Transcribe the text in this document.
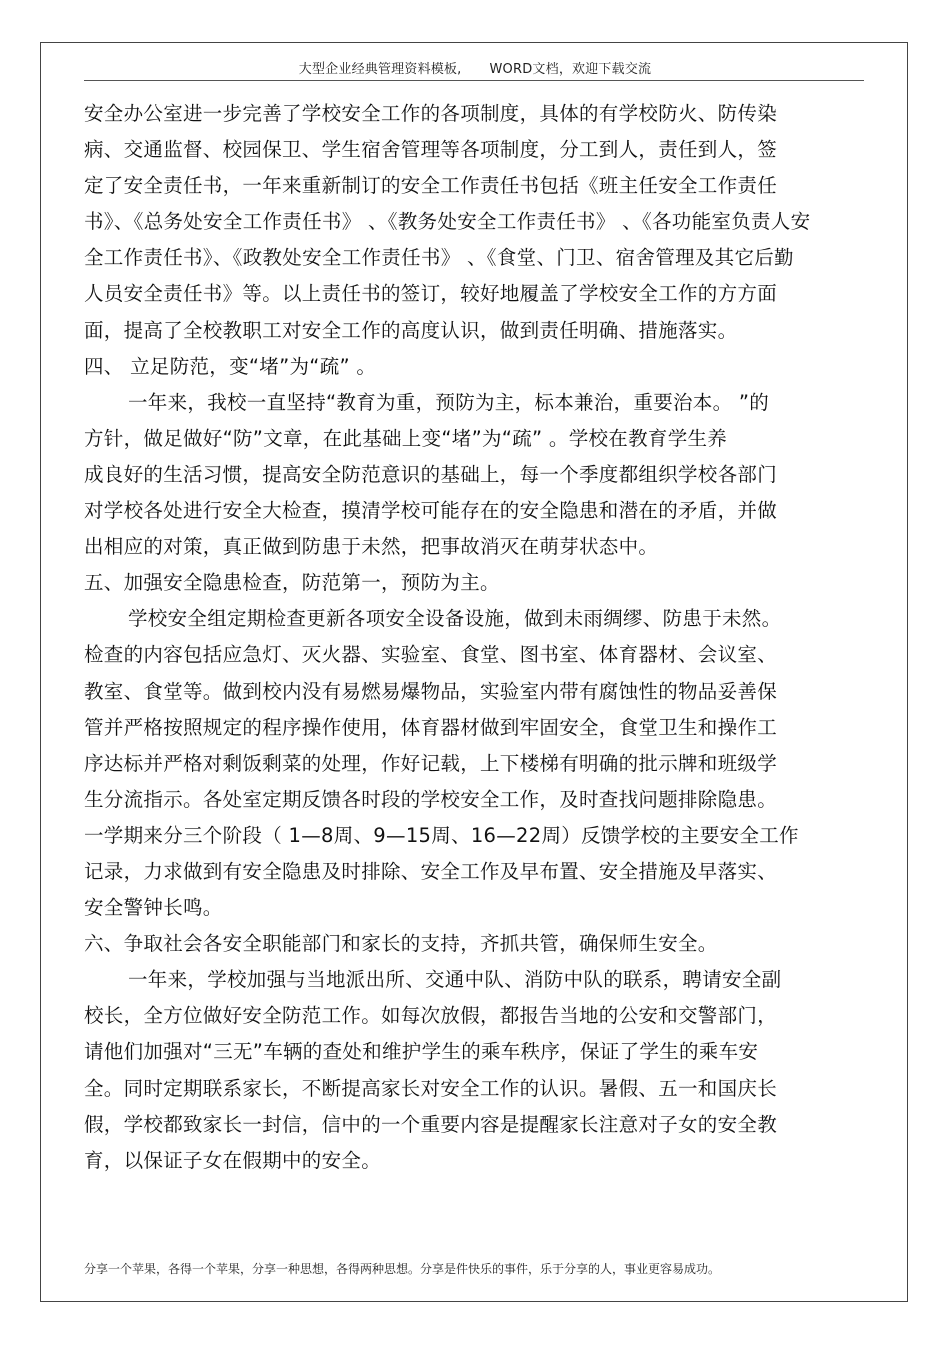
大型企业经典管理资料模板, WORD文档，欢迎下载交流
安全办公室进一步完善了学校安全工作的各项制度，具体的有学校防火、防传染
病、交通监督、校园保卫、学生宿舍管理等各项制度，分工到人，责任到人，签
定了安全责任书，一年来重新制订的安全工作责任书包括《班主任安全工作责任
书》、《总务处安全工作责任书》 、《教务处安全工作责任书》 、《各功能室负责人安
全工作责任书》、《政教处安全工作责任书》 、《食堂、门卫、宿舍管理及其它后勤
人员安全责任书》等。以上责任书的签订，较好地履盖了学校安全工作的方方面
面，提高了全校教职工对安全工作的高度认识，做到责任明确、措施落实。
四、 立足防范，变“堵”为“疏” 。
一年来，我校一直坚持“教育为重，预防为主，标本兼治，重要治本。 ”的
方针，做足做好“防”文章，在此基础上变“堵”为“疏” 。学校在教育学生养
成良好的生活习惯，提高安全防范意识的基础上，每一个季度都组织学校各部门
对学校各处进行安全大检查，摸清学校可能存在的安全隐患和潜在的矛盾，并做
出相应的对策，真正做到防患于未然，把事故消灭在萌芽状态中。
五、加强安全隐患检查，防范第一，预防为主。
学校安全组定期检查更新各项安全设备设施，做到未雨绸缪、防患于未然。
检查的内容包括应急灯、灭火器、实验室、食堂、图书室、体育器材、会议室、
教室、食堂等。做到校内没有易燃易爆物品，实验室内带有腐蚀性的物品妥善保
管并严格按照规定的程序操作使用，体育器材做到牢固安全，食堂卫生和操作工
序达标并严格对剩饭剩菜的处理，作好记载，上下楼梯有明确的批示牌和班级学
生分流指示。各处室定期反馈各时段的学校安全工作，及时查找问题排除隐患。
一学期来分三个阶段（ 1—8周、9—15周、16—22周）反馈学校的主要安全工作
记录，力求做到有安全隐患及时排除、安全工作及早布置、安全措施及早落实、
安全警钟长鸣。
六、争取社会各安全职能部门和家长的支持，齐抓共管，确保师生安全。
一年来，学校加强与当地派出所、交通中队、消防中队的联系，聘请安全副
校长，全方位做好安全防范工作。如每次放假，都报告当地的公安和交警部门，
请他们加强对“三无”车辆的查处和维护学生的乘车秩序，保证了学生的乘车安
全。同时定期联系家长，不断提高家长对安全工作的认识。暑假、五一和国庆长
假，学校都致家长一封信，信中的一个重要内容是提醒家长注意对子女的安全教
育，以保证子女在假期中的安全。
分享一个苹果，各得一个苹果，分享一种思想，各得两种思想。分享是件快乐的事件，乐于分享的人，事业更容易成功。
